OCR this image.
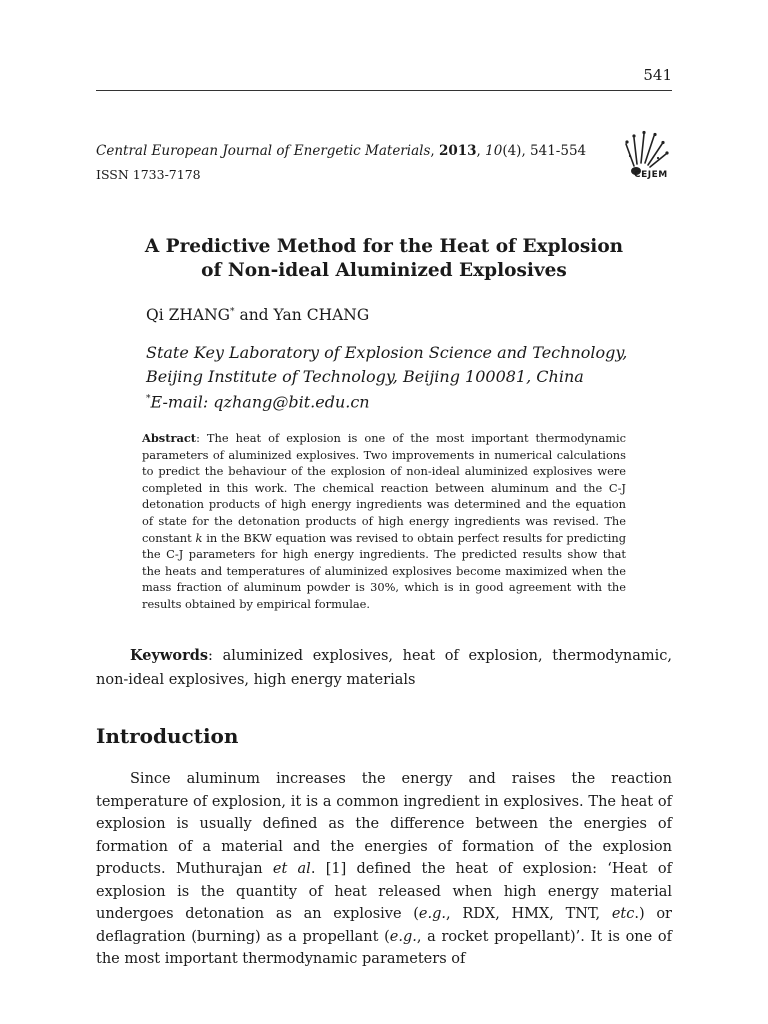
541
Central European Journal of Energetic Materials, 2013, 10(4), 541-554
ISSN 1733-7178	CEJEM
A Predictive Method for the Heat of Explosion
of Non-ideal Aluminized Explosives
Qi ZHANG* and Yan CHANG
State Key Laboratory of Explosion Science and Technology,
Beijing Institute of Technology, Beijing 100081, China
*E-mail: qzhang@bit.edu.cn
Abstract: The heat of explosion is one of the most important thermodynamic parameters of aluminized explosives. Two improvements in numerical calculations to predict the behaviour of the explosion of non-ideal aluminized explosives were completed in this work. The chemical reaction between aluminum and the C-J detonation products of high energy ingredients was determined and the equation of state for the detonation products of high energy ingredients was revised. The constant k in the BKW equation was revised to obtain perfect results for predicting the C-J parameters for high energy ingredients. The predicted results show that the heats and temperatures of aluminized explosives become maximized when the mass fraction of aluminum powder is 30%, which is in good agreement with the results obtained by empirical formulae.
Keywords: aluminized explosives, heat of explosion, thermodynamic, non-ideal explosives, high energy materials
Introduction
Since aluminum increases the energy and raises the reaction temperature of explosion, it is a common ingredient in explosives. The heat of explosion is usually defined as the difference between the energies of formation of a material and the energies of formation of the explosion products. Muthurajan et al. [1] defined the heat of explosion: ‘Heat of explosion is the quantity of heat released when high energy material undergoes detonation as an explosive (e.g., RDX, HMX, TNT, etc.) or deflagration (burning) as a propellant (e.g., a rocket propellant)’. It is one of the most important thermodynamic parameters of
